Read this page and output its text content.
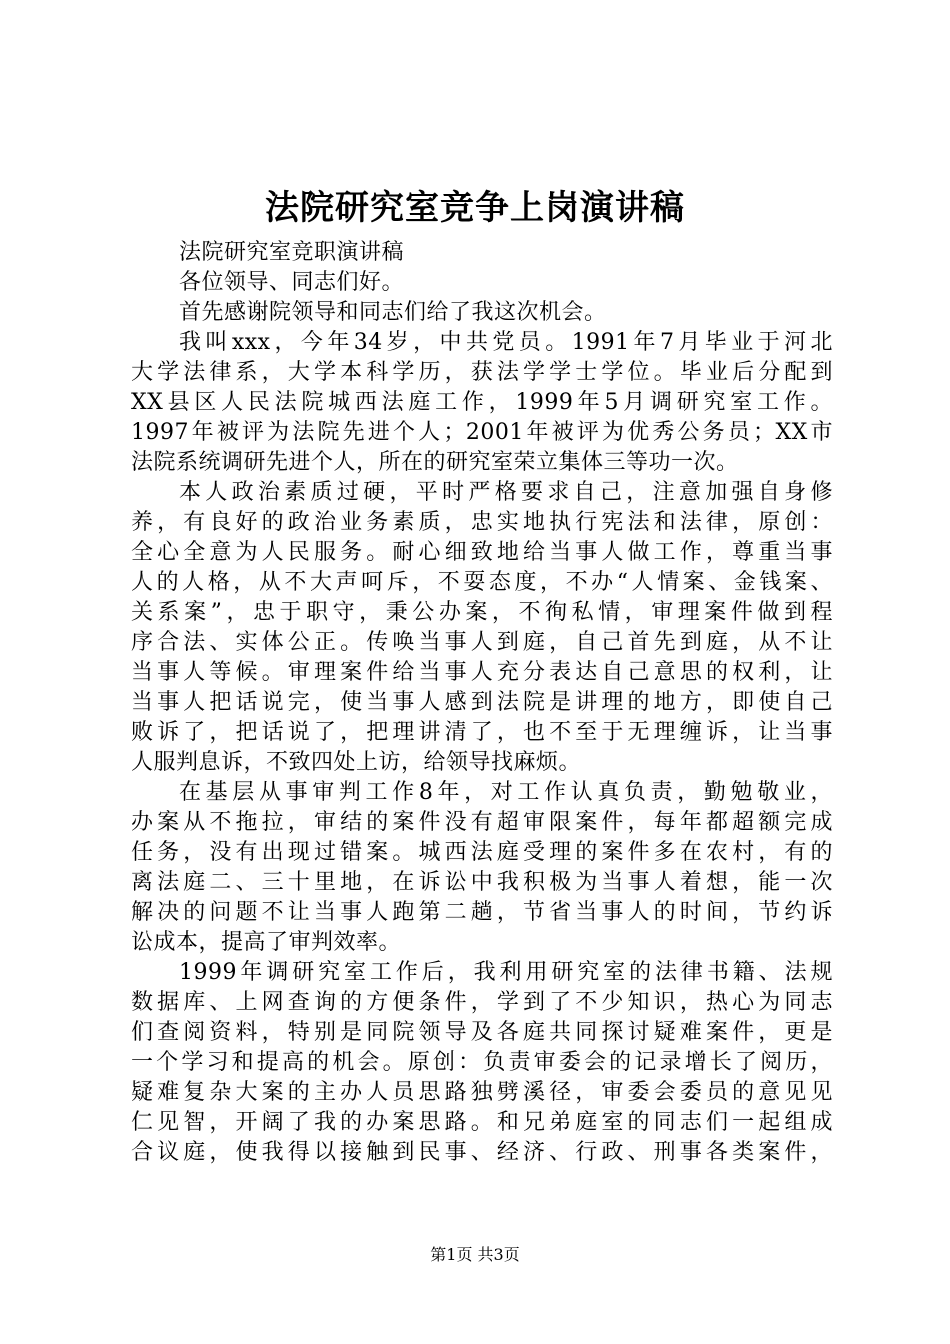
法院研究室竞争上岗演讲稿
法院研究室竞职演讲稿
各位领导、同志们好。
首先感谢院领导和同志们给了我这次机会。
我叫xxx，今年34岁，中共党员。1991年7月毕业于河北
大学法律系，大学本科学历，获法学学士学位。毕业后分配到
XX县区人民法院城西法庭工作，1999年5月调研究室工作。
1997年被评为法院先进个人；2001年被评为优秀公务员；XX市
法院系统调研先进个人，所在的研究室荣立集体三等功一次。
本人政治素质过硬，平时严格要求自己，注意加强自身修
养，有良好的政治业务素质，忠实地执行宪法和法律，原创：
全心全意为人民服务。耐心细致地给当事人做工作，尊重当事
人的人格，从不大声呵斥，不耍态度，不办“人情案、金钱案、
关系案”，忠于职守，秉公办案，不徇私情，审理案件做到程
序合法、实体公正。传唤当事人到庭，自己首先到庭，从不让
当事人等候。审理案件给当事人充分表达自己意思的权利，让
当事人把话说完，使当事人感到法院是讲理的地方，即使自己
败诉了，把话说了，把理讲清了，也不至于无理缠诉，让当事
人服判息诉，不致四处上访，给领导找麻烦。
在基层从事审判工作8年，对工作认真负责，勤勉敬业，
办案从不拖拉，审结的案件没有超审限案件，每年都超额完成
任务，没有出现过错案。城西法庭受理的案件多在农村，有的
离法庭二、三十里地，在诉讼中我积极为当事人着想，能一次
解决的问题不让当事人跑第二趟，节省当事人的时间，节约诉
讼成本，提高了审判效率。
1999年调研究室工作后，我利用研究室的法律书籍、法规
数据库、上网查询的方便条件，学到了不少知识，热心为同志
们查阅资料，特别是同院领导及各庭共同探讨疑难案件，更是
一个学习和提高的机会。原创：负责审委会的记录增长了阅历，
疑难复杂大案的主办人员思路独劈溪径，审委会委员的意见见
仁见智，开阔了我的办案思路。和兄弟庭室的同志们一起组成
合议庭，使我得以接触到民事、经济、行政、刑事各类案件，
第1页 共3页
